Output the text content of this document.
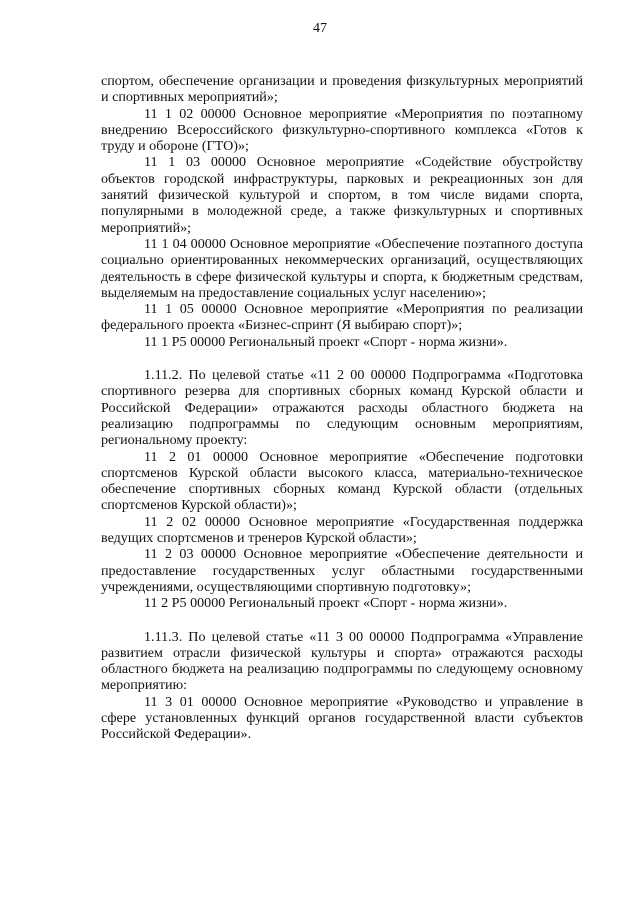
47

спортом, обеспечение организации и проведения физкультурных мероприятий и спортивных мероприятий»;

11 1 02 00000 Основное мероприятие «Мероприятия по поэтапному внедрению Всероссийского физкультурно-спортивного комплекса «Готов к труду и обороне (ГТО)»;

11 1 03 00000 Основное мероприятие «Содействие обустройству объектов городской инфраструктуры, парковых и рекреационных зон для занятий физической культурой и спортом, в том числе видами спорта, популярными в молодежной среде, а также физкультурных и спортивных мероприятий»;

11 1 04 00000 Основное мероприятие «Обеспечение поэтапного доступа социально ориентированных некоммерческих организаций, осуществляющих деятельность в сфере физической культуры и спорта, к бюджетным средствам, выделяемым на предоставление социальных услуг населению»;

11 1 05 00000 Основное мероприятие «Мероприятия по реализации федерального проекта «Бизнес-спринт (Я выбираю спорт)»;

11 1 P5 00000 Региональный проект «Спорт - норма жизни».

1.11.2. По целевой статье «11 2 00 00000 Подпрограмма «Подготовка спортивного резерва для спортивных сборных команд Курской области и Российской Федерации» отражаются расходы областного бюджета на реализацию подпрограммы по следующим основным мероприятиям, региональному проекту:

11 2 01 00000 Основное мероприятие «Обеспечение подготовки спортсменов Курской области высокого класса, материально-техническое обеспечение спортивных сборных команд Курской области (отдельных спортсменов Курской области)»;

11 2 02 00000 Основное мероприятие «Государственная поддержка ведущих спортсменов и тренеров Курской области»;

11 2 03 00000 Основное мероприятие «Обеспечение деятельности и предоставление государственных услуг областными государственными учреждениями, осуществляющими спортивную подготовку»;

11 2 P5 00000 Региональный проект «Спорт - норма жизни».

1.11.3. По целевой статье «11 3 00 00000 Подпрограмма «Управление развитием отрасли физической культуры и спорта» отражаются расходы областного бюджета на реализацию подпрограммы по следующему основному мероприятию:

11 3 01 00000 Основное мероприятие «Руководство и управление в сфере установленных функций органов государственной власти субъектов Российской Федерации».
